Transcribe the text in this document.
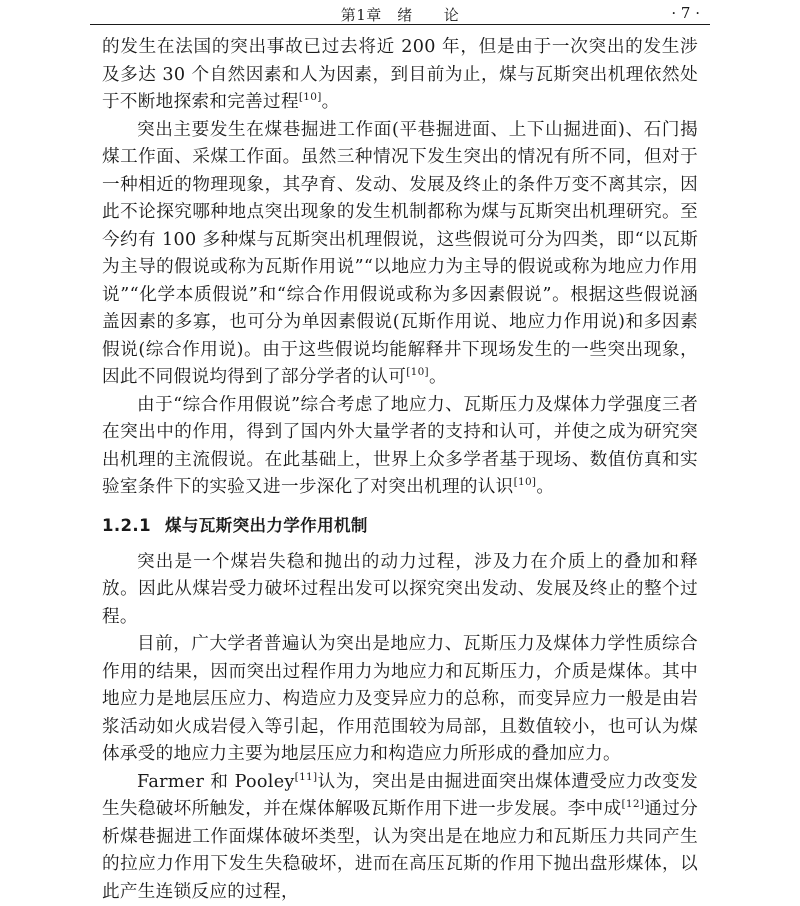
第1章　绪　　论	· 7 ·

的发生在法国的突出事故已过去将近 200 年，但是由于一次突出的发生涉及多达 30 个自然因素和人为因素，到目前为止，煤与瓦斯突出机理依然处于不断地探索和完善过程[10]。

突出主要发生在煤巷掘进工作面(平巷掘进面、上下山掘进面)、石门揭煤工作面、采煤工作面。虽然三种情况下发生突出的情况有所不同，但对于一种相近的物理现象，其孕育、发动、发展及终止的条件万变不离其宗，因此不论探究哪种地点突出现象的发生机制都称为煤与瓦斯突出机理研究。至今约有 100 多种煤与瓦斯突出机理假说，这些假说可分为四类，即“以瓦斯为主导的假说或称为瓦斯作用说”“以地应力为主导的假说或称为地应力作用说”“化学本质假说”和“综合作用假说或称为多因素假说”。根据这些假说涵盖因素的多寡，也可分为单因素假说(瓦斯作用说、地应力作用说)和多因素假说(综合作用说)。由于这些假说均能解释井下现场发生的一些突出现象，因此不同假说均得到了部分学者的认可[10]。

由于“综合作用假说”综合考虑了地应力、瓦斯压力及煤体力学强度三者在突出中的作用，得到了国内外大量学者的支持和认可，并使之成为研究突出机理的主流假说。在此基础上，世界上众多学者基于现场、数值仿真和实验室条件下的实验又进一步深化了对突出机理的认识[10]。

1.2.1 煤与瓦斯突出力学作用机制

突出是一个煤岩失稳和抛出的动力过程，涉及力在介质上的叠加和释放。因此从煤岩受力破坏过程出发可以探究突出发动、发展及终止的整个过程。

目前，广大学者普遍认为突出是地应力、瓦斯压力及煤体力学性质综合作用的结果，因而突出过程作用力为地应力和瓦斯压力，介质是煤体。其中地应力是地层压应力、构造应力及变异应力的总称，而变异应力一般是由岩浆活动如火成岩侵入等引起，作用范围较为局部，且数值较小，也可认为煤体承受的地应力主要为地层压应力和构造应力所形成的叠加应力。

Farmer 和 Pooley[11]认为，突出是由掘进面突出煤体遭受应力改变发生失稳破坏所触发，并在煤体解吸瓦斯作用下进一步发展。李中成[12]通过分析煤巷掘进工作面煤体破坏类型，认为突出是在地应力和瓦斯压力共同产生的拉应力作用下发生失稳破坏，进而在高压瓦斯的作用下抛出盘形煤体，以此产生连锁反应的过程，
